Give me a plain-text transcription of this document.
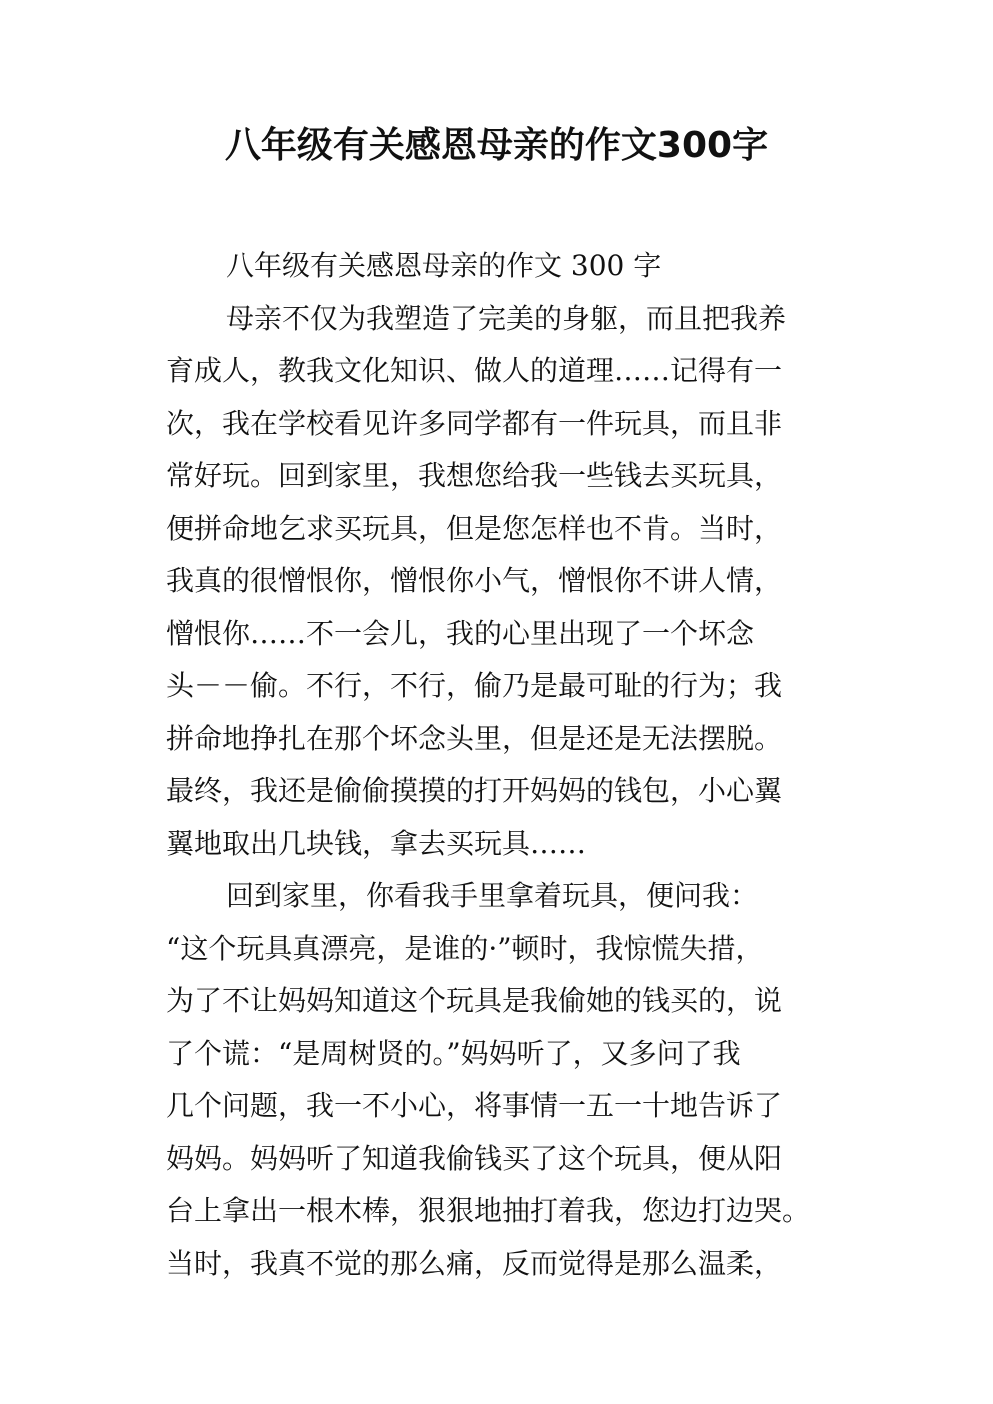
八年级有关感恩母亲的作文300字

八年级有关感恩母亲的作文 300 字

母亲不仅为我塑造了完美的身躯，而且把我养

育成人，教我文化知识、做人的道理……记得有一

次，我在学校看见许多同学都有一件玩具，而且非

常好玩。回到家里，我想您给我一些钱去买玩具，

便拼命地乞求买玩具，但是您怎样也不肯。当时，

我真的很憎恨你，憎恨你小气，憎恨你不讲人情，

憎恨你……不一会儿，我的心里出现了一个坏念

头－－偷。不行，不行，偷乃是最可耻的行为；我

拼命地挣扎在那个坏念头里，但是还是无法摆脱。

最终，我还是偷偷摸摸的打开妈妈的钱包，小心翼

翼地取出几块钱，拿去买玩具……

回到家里，你看我手里拿着玩具，便问我：

“这个玩具真漂亮，是谁的·”顿时，我惊慌失措，

为了不让妈妈知道这个玩具是我偷她的钱买的，说

了个谎：“是周树贤的。”妈妈听了，又多问了我

几个问题，我一不小心，将事情一五一十地告诉了

妈妈。妈妈听了知道我偷钱买了这个玩具，便从阳

台上拿出一根木棒，狠狠地抽打着我，您边打边哭。

当时，我真不觉的那么痛，反而觉得是那么温柔，
